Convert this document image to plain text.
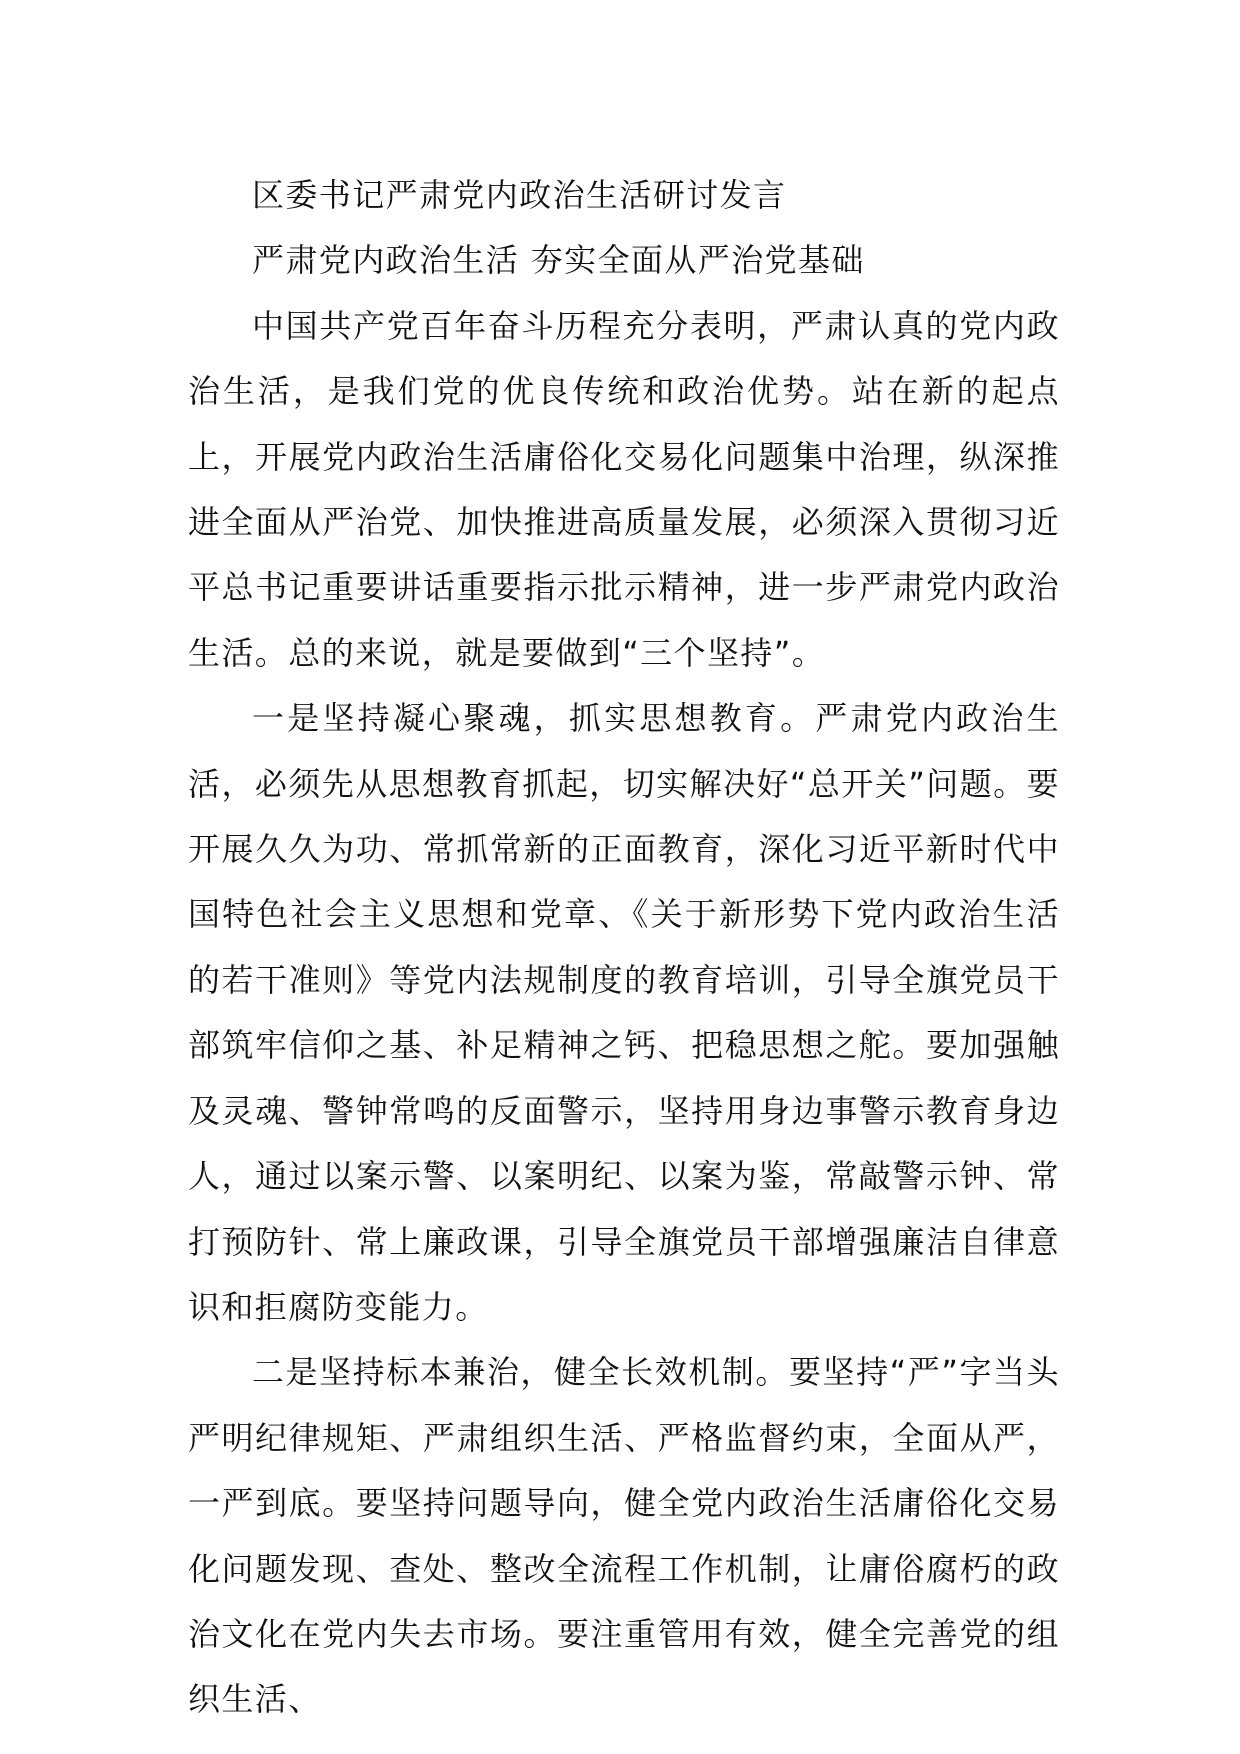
区委书记严肃党内政治生活研讨发言

严肃党内政治生活 夯实全面从严治党基础

中国共产党百年奋斗历程充分表明，严肃认真的党内政治生活，是我们党的优良传统和政治优势。站在新的起点上，开展党内政治生活庸俗化交易化问题集中治理，纵深推进全面从严治党、加快推进高质量发展，必须深入贯彻习近平总书记重要讲话重要指示批示精神，进一步严肃党内政治生活。总的来说，就是要做到“三个坚持”。

一是坚持凝心聚魂，抓实思想教育。严肃党内政治生活，必须先从思想教育抓起，切实解决好“总开关”问题。要开展久久为功、常抓常新的正面教育，深化习近平新时代中国特色社会主义思想和党章、《关于新形势下党内政治生活的若干准则》等党内法规制度的教育培训，引导全旗党员干部筑牢信仰之基、补足精神之钙、把稳思想之舵。要加强触及灵魂、警钟常鸣的反面警示，坚持用身边事警示教育身边人，通过以案示警、以案明纪、以案为鉴，常敲警示钟、常打预防针、常上廉政课，引导全旗党员干部增强廉洁自律意识和拒腐防变能力。

二是坚持标本兼治，健全长效机制。要坚持“严”字当头严明纪律规矩、严肃组织生活、严格监督约束，全面从严，一严到底。要坚持问题导向，健全党内政治生活庸俗化交易化问题发现、查处、整改全流程工作机制，让庸俗腐朽的政治文化在党内失去市场。要注重管用有效，健全完善党的组织生活、
